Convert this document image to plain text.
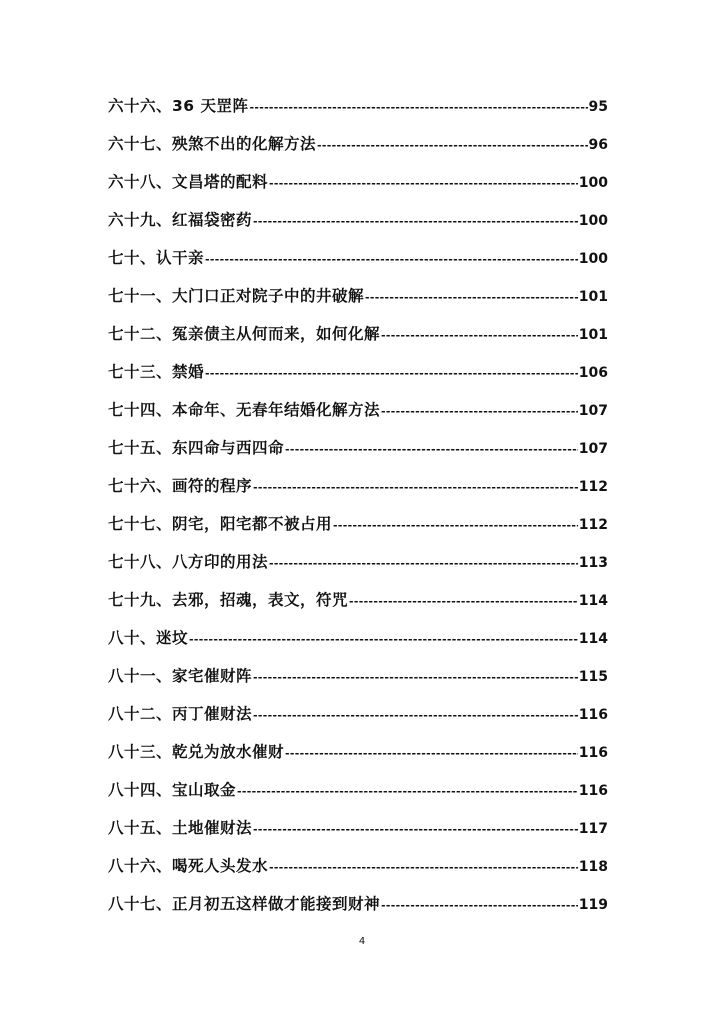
六十六、36 天罡阵 -----	95
六十七、殃煞不出的化解方法 -----	96
六十八、文昌塔的配料 -----	100
六十九、红福袋密药 -----	100
七十、认干亲 -----	100
七十一、大门口正对院子中的井破解 -----	101
七十二、冤亲债主从何而来，如何化解 -----	101
七十三、禁婚 -----	106
七十四、本命年、无春年结婚化解方法 -----	107
七十五、东四命与西四命 -----	107
七十六、画符的程序 -----	112
七十七、阴宅，阳宅都不被占用 -----	112
七十八、八方印的用法 -----	113
七十九、去邪，招魂，表文，符咒 -----	114
八十、迷坟 -----	114
八十一、家宅催财阵 -----	115
八十二、丙丁催财法 -----	116
八十三、乾兑为放水催财 -----	116
八十四、宝山取金 -----	116
八十五、土地催财法 -----	117
八十六、喝死人头发水 -----	118
八十七、正月初五这样做才能接到财神 -----	119
4
